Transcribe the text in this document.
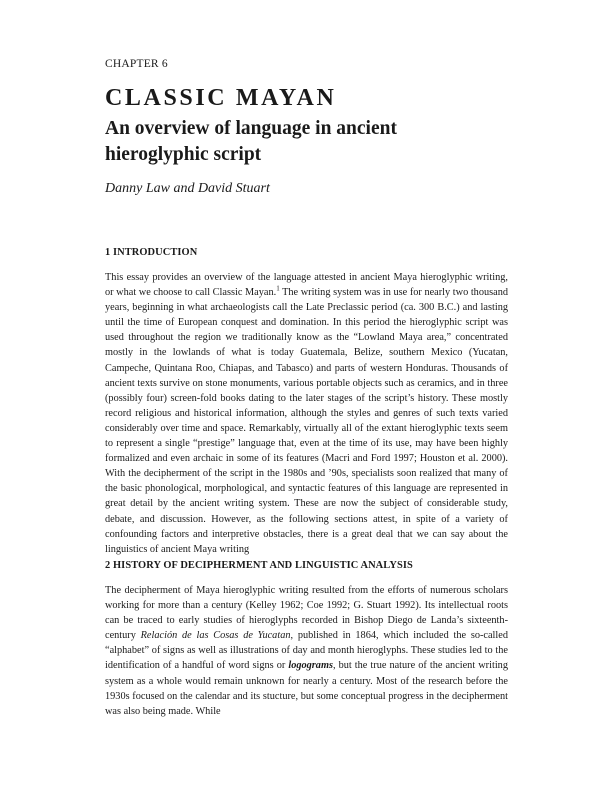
CHAPTER 6
CLASSIC MAYAN
An overview of language in ancient
hieroglyphic script
Danny Law and David Stuart
1 INTRODUCTION

This essay provides an overview of the language attested in ancient Maya hieroglyphic writing, or what we choose to call Classic Mayan.$^1$ The writing system was in use for nearly two thousand years, beginning in what archaeologists call the Late Preclassic period (ca. 300 B.C.) and lasting until the time of European conquest and domination. In this period the hieroglyphic script was used throughout the region we traditionally know as the “Lowland Maya area,” concentrated mostly in the lowlands of what is today Guatemala, Belize, southern Mexico (Yucatan, Campeche, Quintana Roo, Chiapas, and Tabasco) and parts of western Honduras. Thousands of ancient texts survive on stone monuments, various portable objects such as ceramics, and in three (possibly four) screen-fold books dating to the later stages of the script’s history. These mostly record religious and historical information, although the styles and genres of such texts varied considerably over time and space. Remarkably, virtually all of the extant hieroglyphic texts seem to represent a single “prestige” language that, even at the time of its use, may have been highly formalized and even archaic in some of its features (Macri and Ford 1997; Houston et al. 2000). With the decipherment of the script in the 1980s and ’90s, specialists soon realized that many of the basic phonological, morphological, and syntactic features of this language are represented in great detail by the ancient writing system. These are now the subject of considerable study, debate, and discussion. However, as the following sections attest, in spite of a variety of confounding factors and interpretive obstacles, there is a great deal that we can say about the linguistics of ancient Maya writing

2 HISTORY OF DECIPHERMENT AND LINGUISTIC ANALYSIS

The decipherment of Maya hieroglyphic writing resulted from the efforts of numerous scholars working for more than a century (Kelley 1962; Coe 1992; G. Stuart 1992). Its intellectual roots can be traced to early studies of hieroglyphs recorded in Bishop Diego de Landa’s sixteenth-century Relación de las Cosas de Yucatan, published in 1864, which included the so-called “alphabet” of signs as well as illustrations of day and month hieroglyphs. These studies led to the identification of a handful of word signs or logograms, but the true nature of the ancient writing system as a whole would remain unknown for nearly a century. Most of the research before the 1930s focused on the calendar and its stucture, but some conceptual progress in the decipherment was also being made. While
